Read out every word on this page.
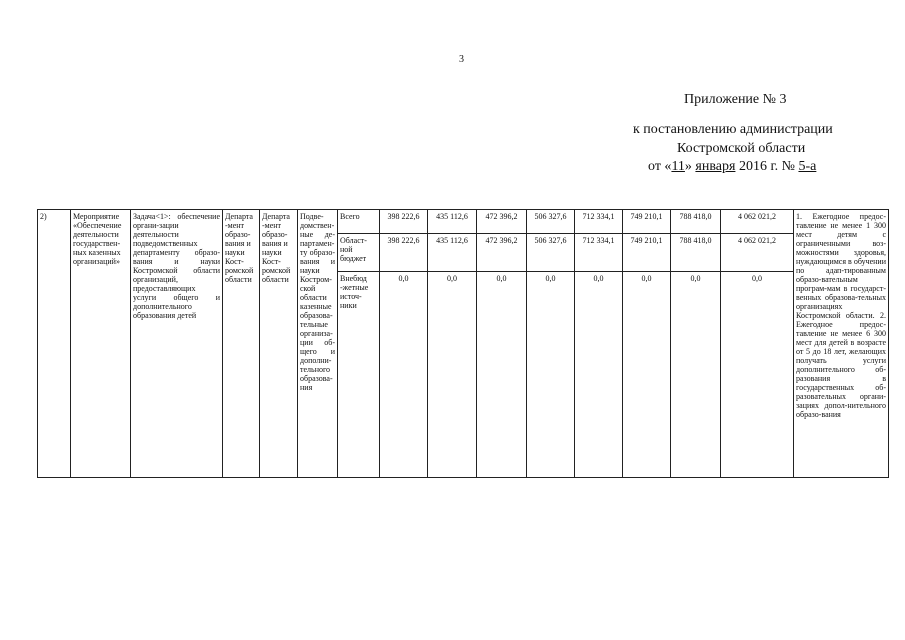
3
Приложение № 3
к постановлению администрации
Костромской области
от «11» января 2016 г. № 5-а
2)	Мероприятие «Обеспечение деятельности государствен-ных казенных организаций»	Задача<1>: обеспечение органи-зации деятельности подведомственных департаменту образо-вания и науки Костромской области организаций, предоставляющих услуги общего и дополнительного образования детей	Департа -мент образо-вания и науки Кост-ромской области	Департа -мент образо-вания и науки Кост-ромской области	Подве-домствен-ные де-партамен-ту образо-вания и науки Костром-ской области казенные образова-тельные организа-ции об-щего и дополни-тельного образова-ния	Всего	398 222,6	435 112,6	472 396,2	506 327,6	712 334,1	749 210,1	788 418,0	4 062 021,2	1. Ежегодное предос-тавление не менее 1 300 мест детям с ограниченными воз-можностями здоровья, нуждающимся в обучении по адап-тированным образо-вательным програм-мам в государст-венных образова-тельных организациях Костромской области. 2. Ежегодное предос-тавление не менее 6 300 мест для детей в возрасте от 5 до 18 лет, желающих получать услуги дополнительного об-разования в государственных об-разовательных органи-зациях допол-нительного образо-вания
						Област-ной бюджет	398 222,6	435 112,6	472 396,2	506 327,6	712 334,1	749 210,1	788 418,0	4 062 021,2	
						Внебюд -жетные источ-ники	0,0	0,0	0,0	0,0	0,0	0,0	0,0	0,0	
